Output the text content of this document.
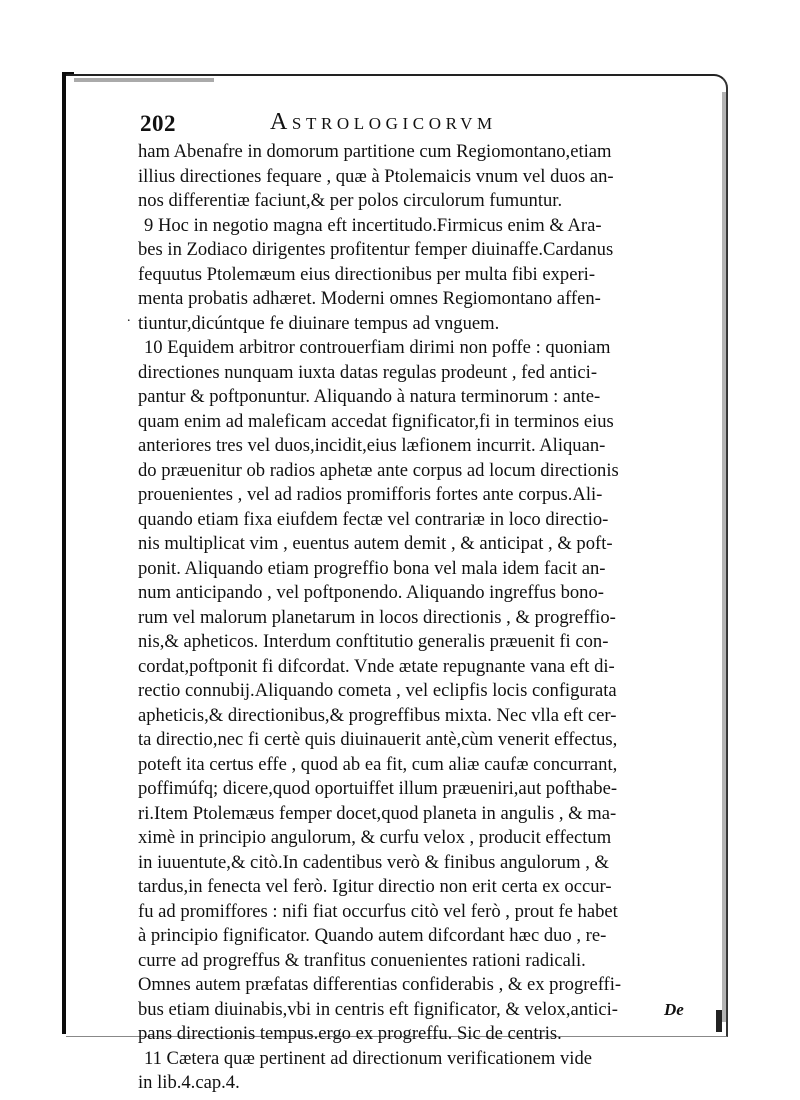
202	Astrologicorvm
.
ham Abenafre in domorum partitione cum Regiomontano,etiam
illius directiones fequare , quæ à Ptolemaicis vnum vel duos an-
nos differentiæ faciunt,& per polos circulorum fumuntur.
9 Hoc in negotio magna eft incertitudo.Firmicus enim & Ara-
bes in Zodiaco dirigentes profitentur femper diuinaffe.Cardanus
fequutus Ptolemæum eius directionibus per multa fibi experi-
menta probatis adhæret. Moderni omnes Regiomontano affen-
tiuntur,dicúntque fe diuinare tempus ad vnguem.
10 Equidem arbitror controuerfiam dirimi non poffe : quoniam
directiones nunquam iuxta datas regulas prodeunt , fed antici-
pantur & poftponuntur. Aliquando à natura terminorum : ante-
quam enim ad maleficam accedat fignificator,fi in terminos eius
anteriores tres vel duos,incidit,eius læfionem incurrit. Aliquan-
do præuenitur ob radios aphetæ ante corpus ad locum directionis
prouenientes , vel ad radios promifforis fortes ante corpus.Ali-
quando etiam fixa eiufdem fectæ vel contrariæ in loco directio-
nis multiplicat vim , euentus autem demit , & anticipat , & poft-
ponit. Aliquando etiam progreffio bona vel mala idem facit an-
num anticipando , vel poftponendo. Aliquando ingreffus bono-
rum vel malorum planetarum in locos directionis , & progreffio-
nis,& apheticos. Interdum conftitutio generalis præuenit fi con-
cordat,poftponit fi difcordat. Vnde ætate repugnante vana eft di-
rectio connubij.Aliquando cometa , vel eclipfis locis configurata
apheticis,& directionibus,& progreffibus mixta. Nec vlla eft cer-
ta directio,nec fi certè quis diuinauerit antè,cùm venerit effectus,
poteft ita certus effe , quod ab ea fit, cum aliæ caufæ concurrant,
poffimúfq; dicere,quod oportuiffet illum præueniri,aut pofthabe-
ri.Item Ptolemæus femper docet,quod planeta in angulis , & ma-
ximè in principio angulorum, & curfu velox , producit effectum
in iuuentute,& citò.In cadentibus verò & finibus angulorum , &
tardus,in fenecta vel ferò. Igitur directio non erit certa ex occur-
fu ad promiffores : nifi fiat occurfus citò vel ferò , prout fe habet
à principio fignificator. Quando autem difcordant hæc duo , re-
curre ad progreffus & tranfitus conuenientes rationi radicali.
Omnes autem præfatas differentias confiderabis , & ex progreffi-
bus etiam diuinabis,vbi in centris eft fignificator, & velox,antici-
pans directionis tempus.ergo ex progreffu. Sic de centris.
11 Cætera quæ pertinent ad directionum verificationem vide
in lib.4.cap.4.
De
